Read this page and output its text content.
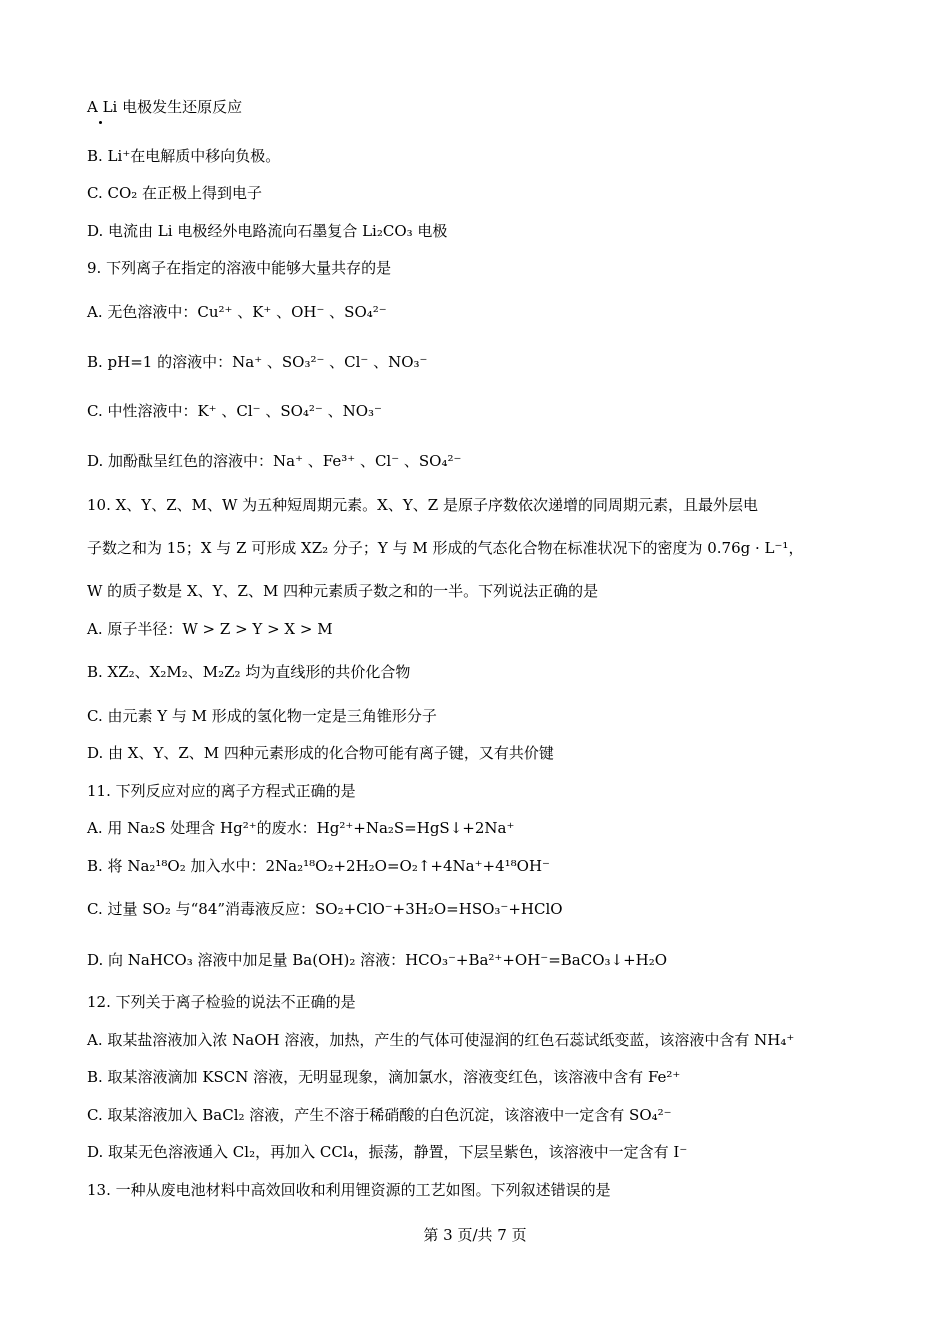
A Li 电极发生还原反应
B. Li⁺在电解质中移向负极。
C. CO₂ 在正极上得到电子
D. 电流由 Li 电极经外电路流向石墨复合 Li₂CO₃ 电极
9. 下列离子在指定的溶液中能够大量共存的是
A. 无色溶液中：Cu²⁺ 、K⁺ 、OH⁻ 、SO₄²⁻
B. pH=1 的溶液中：Na⁺ 、SO₃²⁻ 、Cl⁻ 、NO₃⁻
C. 中性溶液中：K⁺ 、Cl⁻ 、SO₄²⁻ 、NO₃⁻
D. 加酚酞呈红色的溶液中：Na⁺ 、Fe³⁺ 、Cl⁻ 、SO₄²⁻
10. X、Y、Z、M、W 为五种短周期元素。X、Y、Z 是原子序数依次递增的同周期元素，且最外层电
子数之和为 15；X 与 Z 可形成 XZ₂ 分子；Y 与 M 形成的气态化合物在标准状况下的密度为 0.76g · L⁻¹，
W 的质子数是 X、Y、Z、M 四种元素质子数之和的一半。下列说法正确的是
A. 原子半径：W > Z > Y > X > M
B. XZ₂、X₂M₂、M₂Z₂ 均为直线形的共价化合物
C. 由元素 Y 与 M 形成的氢化物一定是三角锥形分子
D. 由 X、Y、Z、M 四种元素形成的化合物可能有离子键，又有共价键
11. 下列反应对应的离子方程式正确的是
A. 用 Na₂S 处理含 Hg²⁺的废水：Hg²⁺+Na₂S=HgS↓+2Na⁺
B. 将 Na₂¹⁸O₂ 加入水中：2Na₂¹⁸O₂+2H₂O=O₂↑+4Na⁺+4¹⁸OH⁻
C. 过量 SO₂ 与“84”消毒液反应：SO₂+ClO⁻+3H₂O=HSO₃⁻+HClO
D. 向 NaHCO₃ 溶液中加足量 Ba(OH)₂ 溶液：HCO₃⁻+Ba²⁺+OH⁻=BaCO₃↓+H₂O
12. 下列关于离子检验的说法不正确的是
A. 取某盐溶液加入浓 NaOH 溶液，加热，产生的气体可使湿润的红色石蕊试纸变蓝，该溶液中含有 NH₄⁺
B. 取某溶液滴加 KSCN 溶液，无明显现象，滴加氯水，溶液变红色，该溶液中含有 Fe²⁺
C. 取某溶液加入 BaCl₂ 溶液，产生不溶于稀硝酸的白色沉淀，该溶液中一定含有 SO₄²⁻
D. 取某无色溶液通入 Cl₂，再加入 CCl₄，振荡，静置，下层呈紫色，该溶液中一定含有 I⁻
13. 一种从废电池材料中高效回收和利用锂资源的工艺如图。下列叙述错误的是
第 3 页/共 7 页
